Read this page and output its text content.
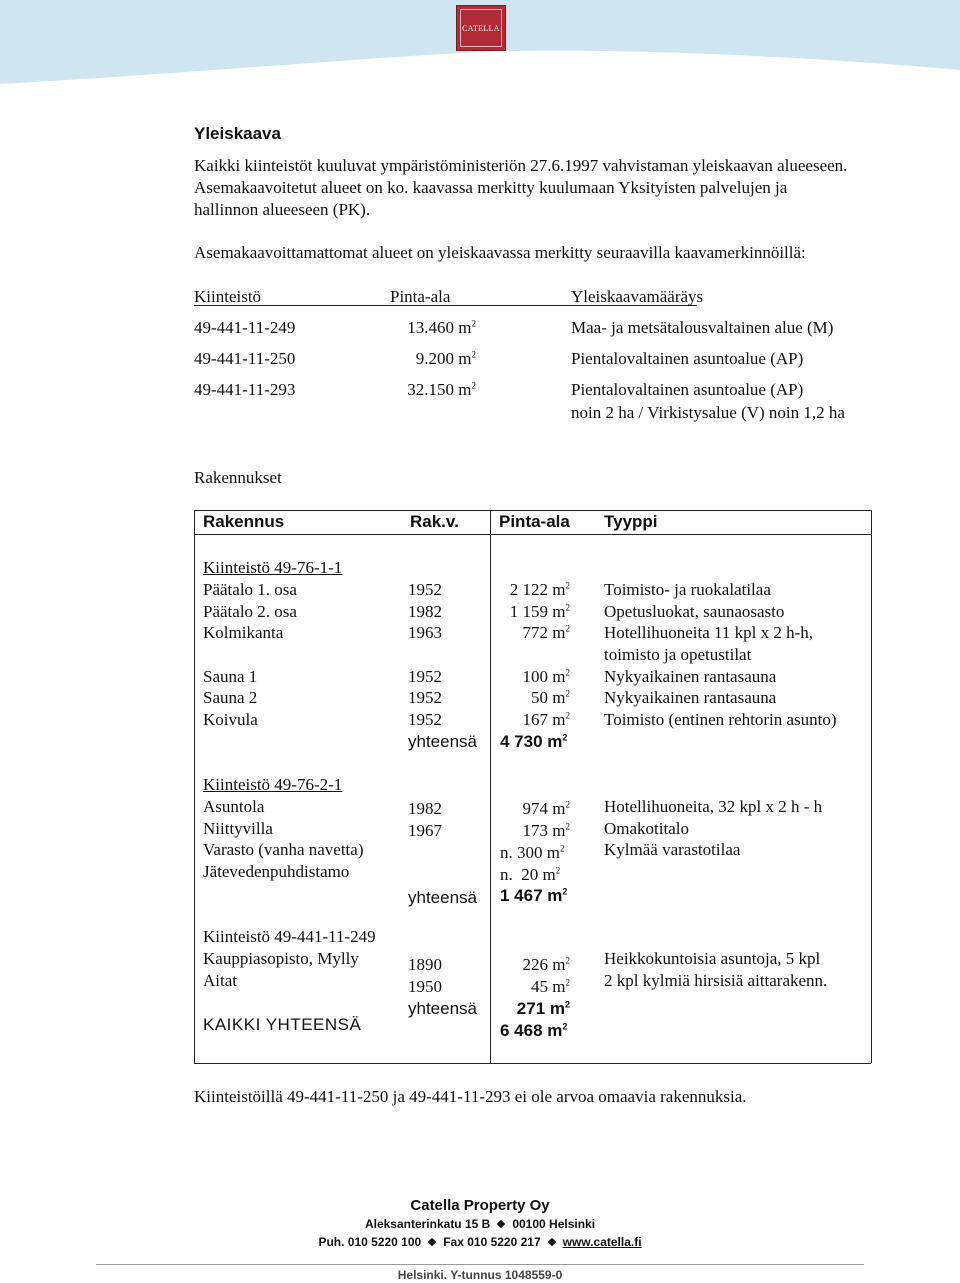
CATELLA
Yleiskaava
Kaikki kiinteistöt kuuluvat ympäristöministeriön 27.6.1997 vahvistaman yleiskaavan alueeseen.
Asemakaavoitetut alueet on ko. kaavassa merkitty kuulumaan Yksityisten palvelujen ja
hallinnon alueeseen (PK).
Asemakaavoittamattomat alueet on yleiskaavassa merkitty seuraavilla kaavamerkinnöillä:
Kiinteistö	Pinta-ala	Yleiskaavamääräys
49-441-11-249	13.460 $m^2$	Maa- ja metsätalousvaltainen alue (M)
49-441-11-250	9.200 $m^2$	Pientalovaltainen asuntoalue (AP)
49-441-11-293	32.150 $m^2$	Pientalovaltainen asuntoalue (AP)
noin 2 ha / Virkistysalue (V) noin 1,2 ha
Rakennukset
Rakennus	Rak.v. Pinta-ala Tyyppi
Kiinteistö 49-76-1-1
Päätalo 1. osa	1952	2 122 $m^2$ Toimisto- ja ruokalatilaa
Päätalo 2. osa	1982	1 159 $m^2$ Opetusluokat, saunaosasto
Kolmikanta	1963	772 $m^2$ Hotellihuoneita 11 kpl x 2 h-h,
toimisto ja opetustilat
Sauna 1	1952	100 $m^2$ Nykyaikainen rantasauna
Sauna 2	1952	50 $m^2$ Nykyaikainen rantasauna
Koivula	1952	167 $m^2$ Toimisto (entinen rehtorin asunto)
yhteensä 4 730 $m^2$
Kiinteistö 49-76-2-1
Asuntola	1982	974 $m^2$ Hotellihuoneita, 32 kpl x 2 h - h
Niittyvilla	1967	173 $m^2$ Omakotitalo
Varasto (vanha navetta)	n. 300 $m^2$ Kylmää varastotilaa
Jätevedenpuhdistamo	n.  20 $m^2$
yhteensä 1 467 $m^2$
Kiinteistö 49-441-11-249
Kauppiasopisto, Mylly	1890	226 $m^2$ Heikkokuntoisia asuntoja, 5 kpl
Aitat	1950	45 $m^2$ 2 kpl kylmiä hirsisiä aittarakenn.
yhteensä	271 $m^2$
KAIKKI YHTEENSÄ	6 468 $m^2$
Kiinteistöillä 49-441-11-250 ja 49-441-11-293 ei ole arvoa omaavia rakennuksia.
Catella Property Oy
Aleksanterinkatu 15 B 00100 Helsinki
Puh. 010 5220 100 Fax 010 5220 217 www.catella.fi
Helsinki. Y-tunnus 1048559-0
